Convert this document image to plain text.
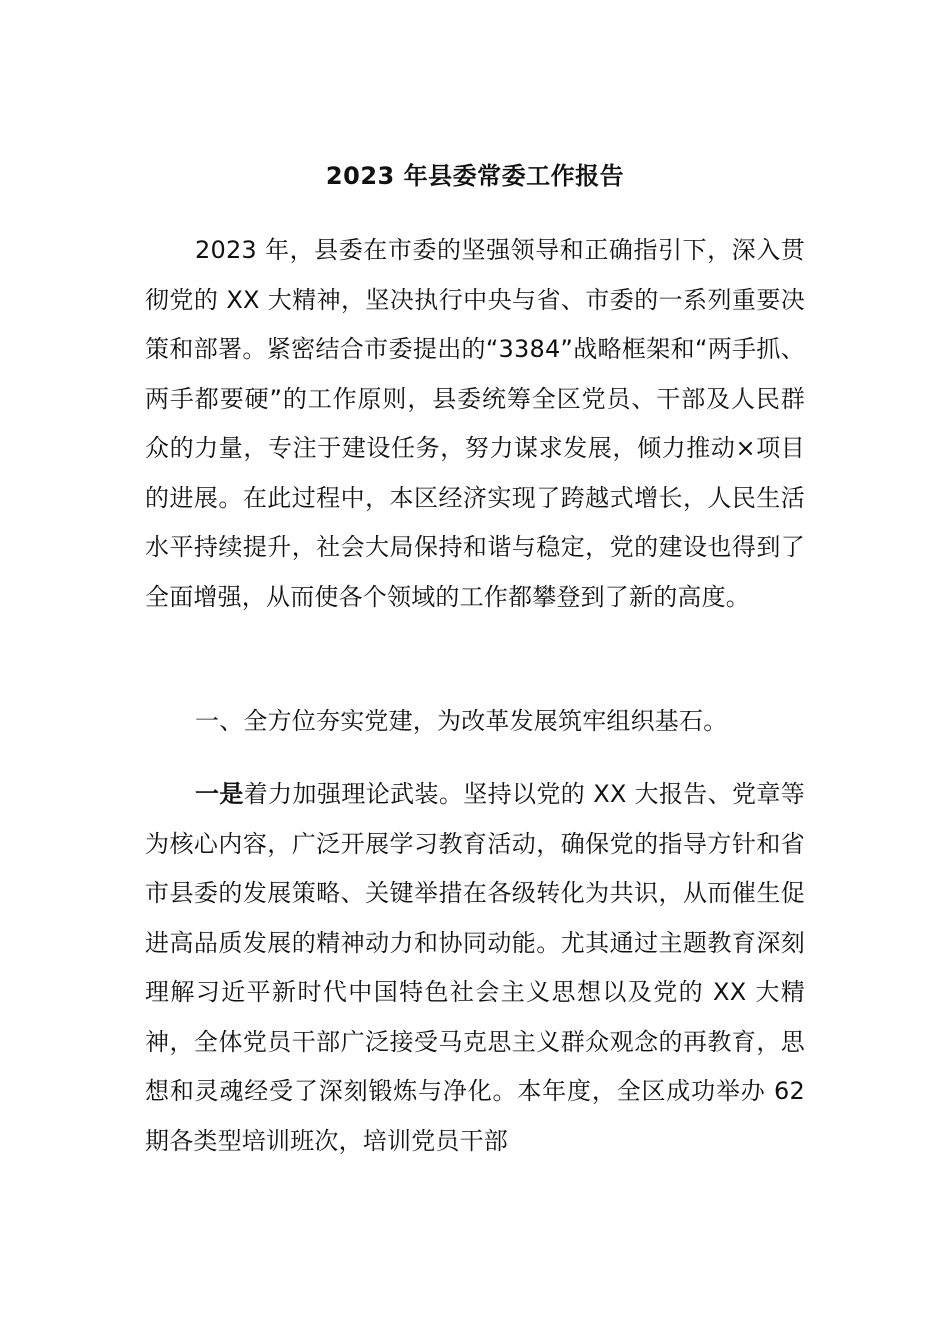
2023 年县委常委工作报告

2023 年，县委在市委的坚强领导和正确指引下，深入贯彻党的 XX 大精神，坚决执行中央与省、市委的一系列重要决策和部署。紧密结合市委提出的“3384”战略框架和“两手抓、两手都要硬”的工作原则，县委统筹全区党员、干部及人民群众的力量，专注于建设任务，努力谋求发展，倾力推动×项目的进展。在此过程中，本区经济实现了跨越式增长，人民生活水平持续提升，社会大局保持和谐与稳定，党的建设也得到了全面增强，从而使各个领域的工作都攀登到了新的高度。

一、全方位夯实党建，为改革发展筑牢组织基石。

一是着力加强理论武装。坚持以党的 XX 大报告、党章等为核心内容，广泛开展学习教育活动，确保党的指导方针和省市县委的发展策略、关键举措在各级转化为共识，从而催生促进高品质发展的精神动力和协同动能。尤其通过主题教育深刻理解习近平新时代中国特色社会主义思想以及党的 XX 大精神，全体党员干部广泛接受马克思主义群众观念的再教育，思想和灵魂经受了深刻锻炼与净化。本年度，全区成功举办 62 期各类型培训班次，培训党员干部
